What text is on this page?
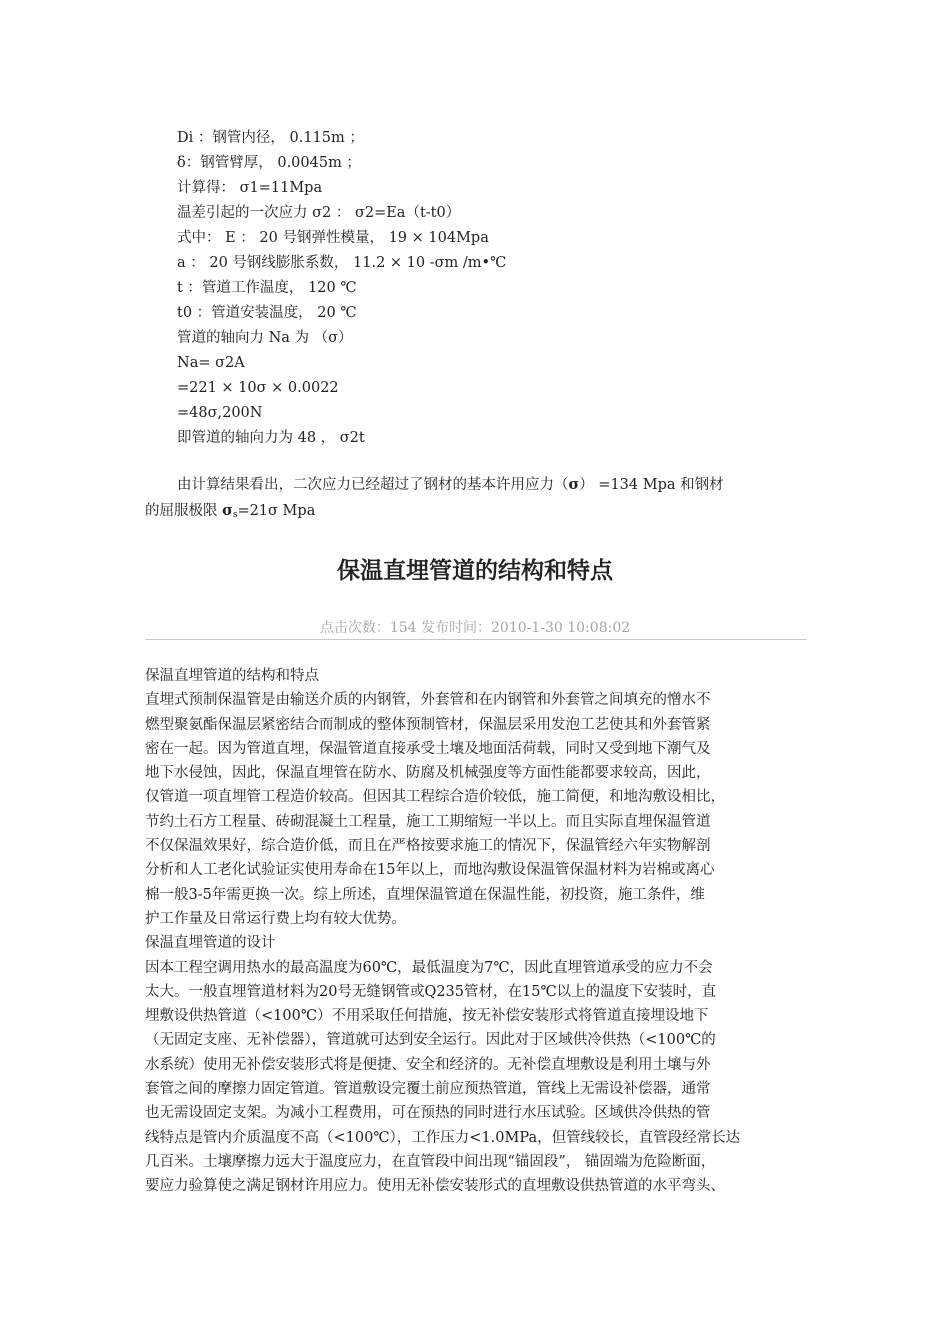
Di ：钢管内径， 0.115m ；
δ：钢管臂厚， 0.0045m ；
计算得： σ1=11Mpa
温差引起的一次应力 σ2 ： σ2=Ea（t-t0）
式中： E ： 20 号钢弹性模量， 19 × 104Mpa
a ： 20 号钢线膨胀系数， 11.2 × 10 -σm /m•℃
t ：管道工作温度， 120 ℃
t0 ：管道安装温度， 20 ℃
管道的轴向力 Na 为 （σ）
Na= σ2A
=221 × 10σ × 0.0022
=48σ,200N
即管道的轴向力为 48 ， σ2t

由计算结果看出，二次应力已经超过了钢材的基本许用应力（σ） =134 Mpa 和钢材

的屈服极限 $\sigma_s=21\sigma$ Mpa

保温直埋管道的结构和特点
点击次数：154 发布时间：2010-1-30 10:08:02
保温直埋管道的结构和特点
直埋式预制保温管是由输送介质的内钢管，外套管和在内钢管和外套管之间填充的憎水不
燃型聚氨酯保温层紧密结合而制成的整体预制管材，保温层采用发泡工艺使其和外套管紧
密在一起。因为管道直埋，保温管道直接承受土壤及地面活荷载，同时又受到地下潮气及
地下水侵蚀，因此，保温直埋管在防水、防腐及机械强度等方面性能都要求较高，因此，
仅管道一项直埋管工程造价较高。但因其工程综合造价较低，施工简便，和地沟敷设相比，
节约土石方工程量、砖砌混凝土工程量，施工工期缩短一半以上。而且实际直埋保温管道
不仅保温效果好，综合造价低，而且在严格按要求施工的情况下，保温管经六年实物解剖
分析和人工老化试验证实使用寿命在15年以上，而地沟敷设保温管保温材料为岩棉或离心
棉一般3-5年需更换一次。综上所述，直埋保温管道在保温性能，初投资，施工条件，维
护工作量及日常运行费上均有较大优势。
保温直埋管道的设计
因本工程空调用热水的最高温度为60℃，最低温度为7℃，因此直埋管道承受的应力不会
太大。一般直埋管道材料为20号无缝钢管或Q235管材，在15℃以上的温度下安装时，直
埋敷设供热管道（<100℃）不用采取任何措施，按无补偿安装形式将管道直接埋设地下
（无固定支座、无补偿器），管道就可达到安全运行。因此对于区域供冷供热（<100℃的
水系统）使用无补偿安装形式将是便捷、安全和经济的。无补偿直埋敷设是利用土壤与外
套管之间的摩擦力固定管道。管道敷设完覆土前应预热管道，管线上无需设补偿器，通常
也无需设固定支架。为减小工程费用，可在预热的同时进行水压试验。区域供冷供热的管
线特点是管内介质温度不高（<100℃），工作压力<1.0MPa，但管线较长，直管段经常长达
几百米。土壤摩擦力远大于温度应力，在直管段中间出现“锚固段”， 锚固端为危险断面，
要应力验算使之满足钢材许用应力。使用无补偿安装形式的直埋敷设供热管道的水平弯头、
